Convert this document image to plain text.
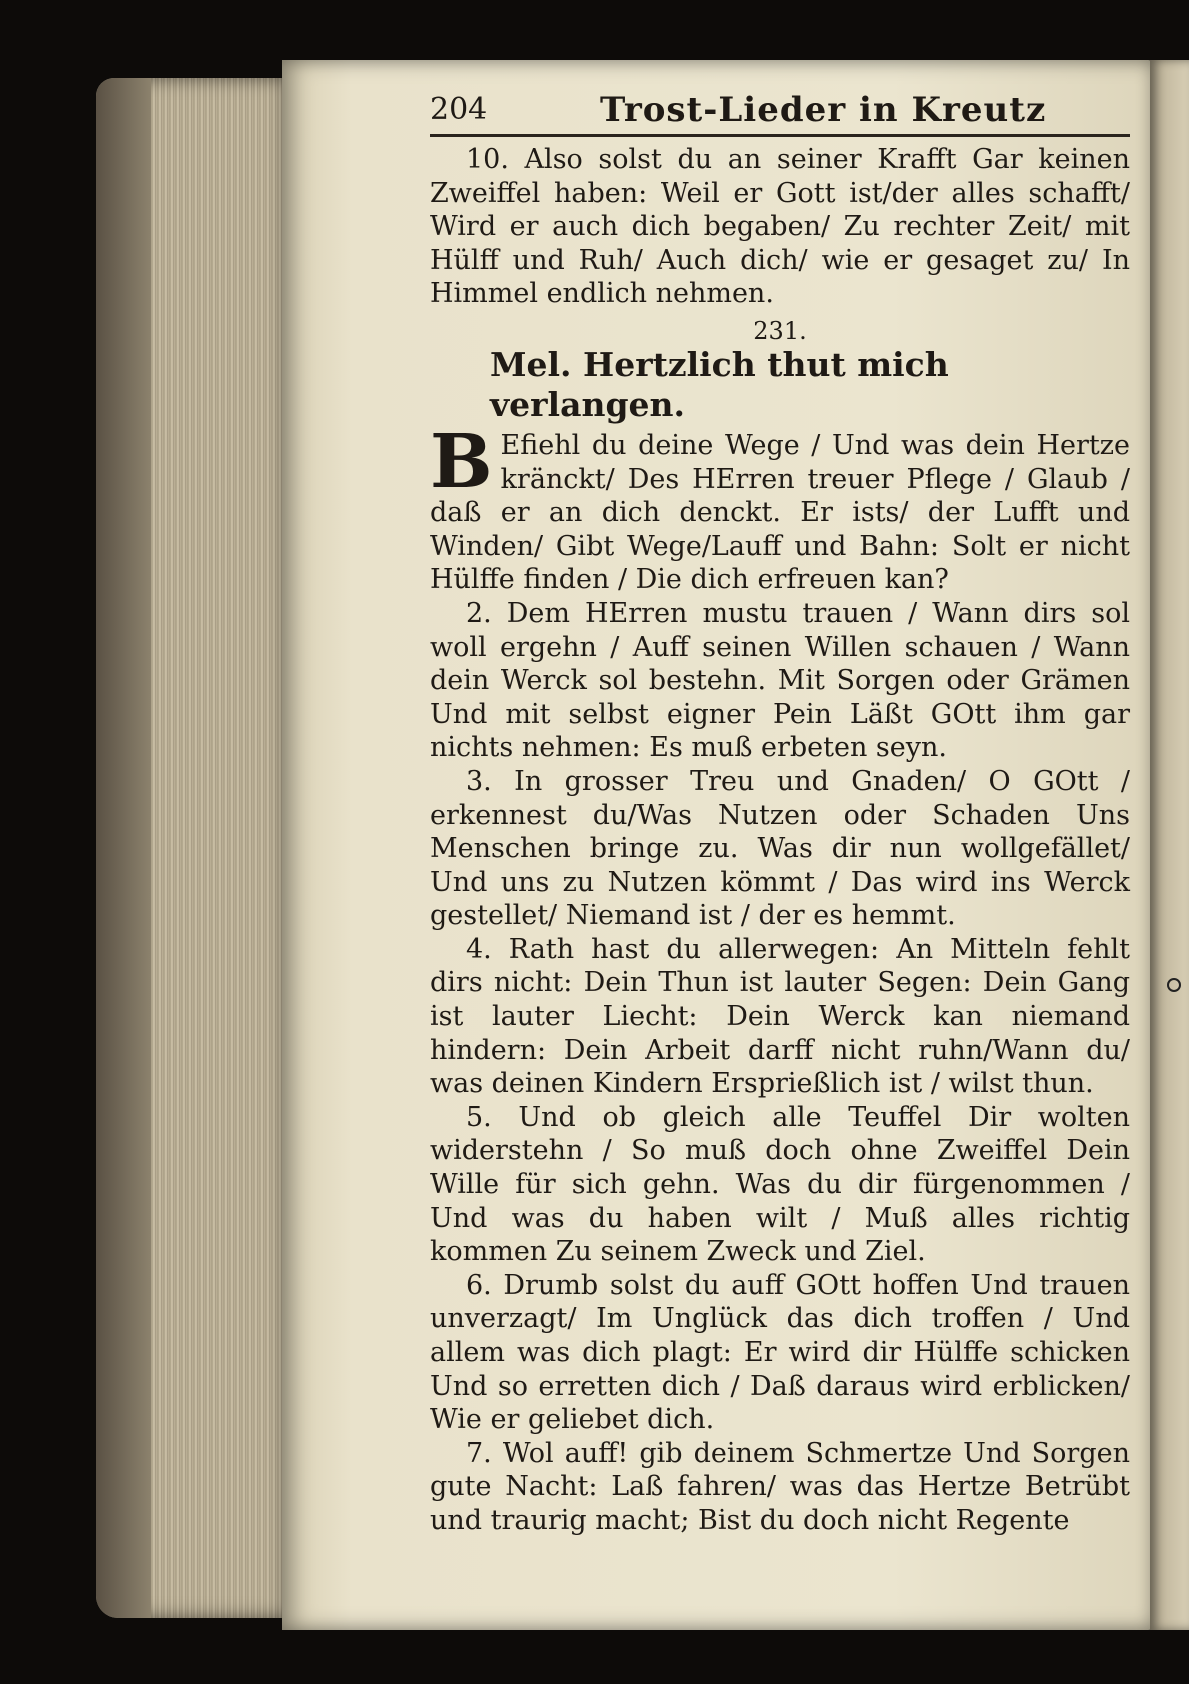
204	Trost-Lieder in Kreutz

10. Also solst du an seiner Krafft Gar keinen Zweiffel haben: Weil er Gott ist/der alles schafft/ Wird er auch dich begaben/ Zu rechter Zeit/ mit Hülff und Ruh/ Auch dich/ wie er gesaget zu/ In Himmel endlich nehmen.

231.
Mel. Hertzlich thut mich verlangen.
B Efiehl du deine Wege / Und was dein Hertze kränckt/ Des HErren treuer Pflege / Glaub / daß er an dich denckt. Er ists/ der Lufft und Winden/ Gibt Wege/Lauff und Bahn: Solt er nicht Hülffe finden / Die dich erfreuen kan?

2. Dem HErren mustu trauen / Wann dirs sol woll ergehn / Auff seinen Willen schauen / Wann dein Werck sol bestehn. Mit Sorgen oder Grämen Und mit selbst eigner Pein Läßt GOtt ihm gar nichts nehmen: Es muß erbeten seyn.

3. In grosser Treu und Gnaden/ O GOtt / erkennest du/Was Nutzen oder Schaden Uns Menschen bringe zu. Was dir nun wollgefället/ Und uns zu Nutzen kömmt / Das wird ins Werck gestellet/ Niemand ist / der es hemmt.

4. Rath hast du allerwegen: An Mitteln fehlt dirs nicht: Dein Thun ist lauter Segen: Dein Gang ist lauter Liecht: Dein Werck kan niemand hindern: Dein Arbeit darff nicht ruhn/Wann du/ was deinen Kindern Ersprießlich ist / wilst thun.

5. Und ob gleich alle Teuffel Dir wolten widerstehn / So muß doch ohne Zweiffel Dein Wille für sich gehn. Was du dir fürgenommen / Und was du haben wilt / Muß alles richtig kommen Zu seinem Zweck und Ziel.

6. Drumb solst du auff GOtt hoffen Und trauen unverzagt/ Im Unglück das dich troffen / Und allem was dich plagt: Er wird dir Hülffe schicken Und so erretten dich / Daß daraus wird erblicken/ Wie er geliebet dich.

7. Wol auff! gib deinem Schmertze Und Sorgen gute Nacht: Laß fahren/ was das Hertze Betrübt und traurig macht; Bist du doch nicht Regente
